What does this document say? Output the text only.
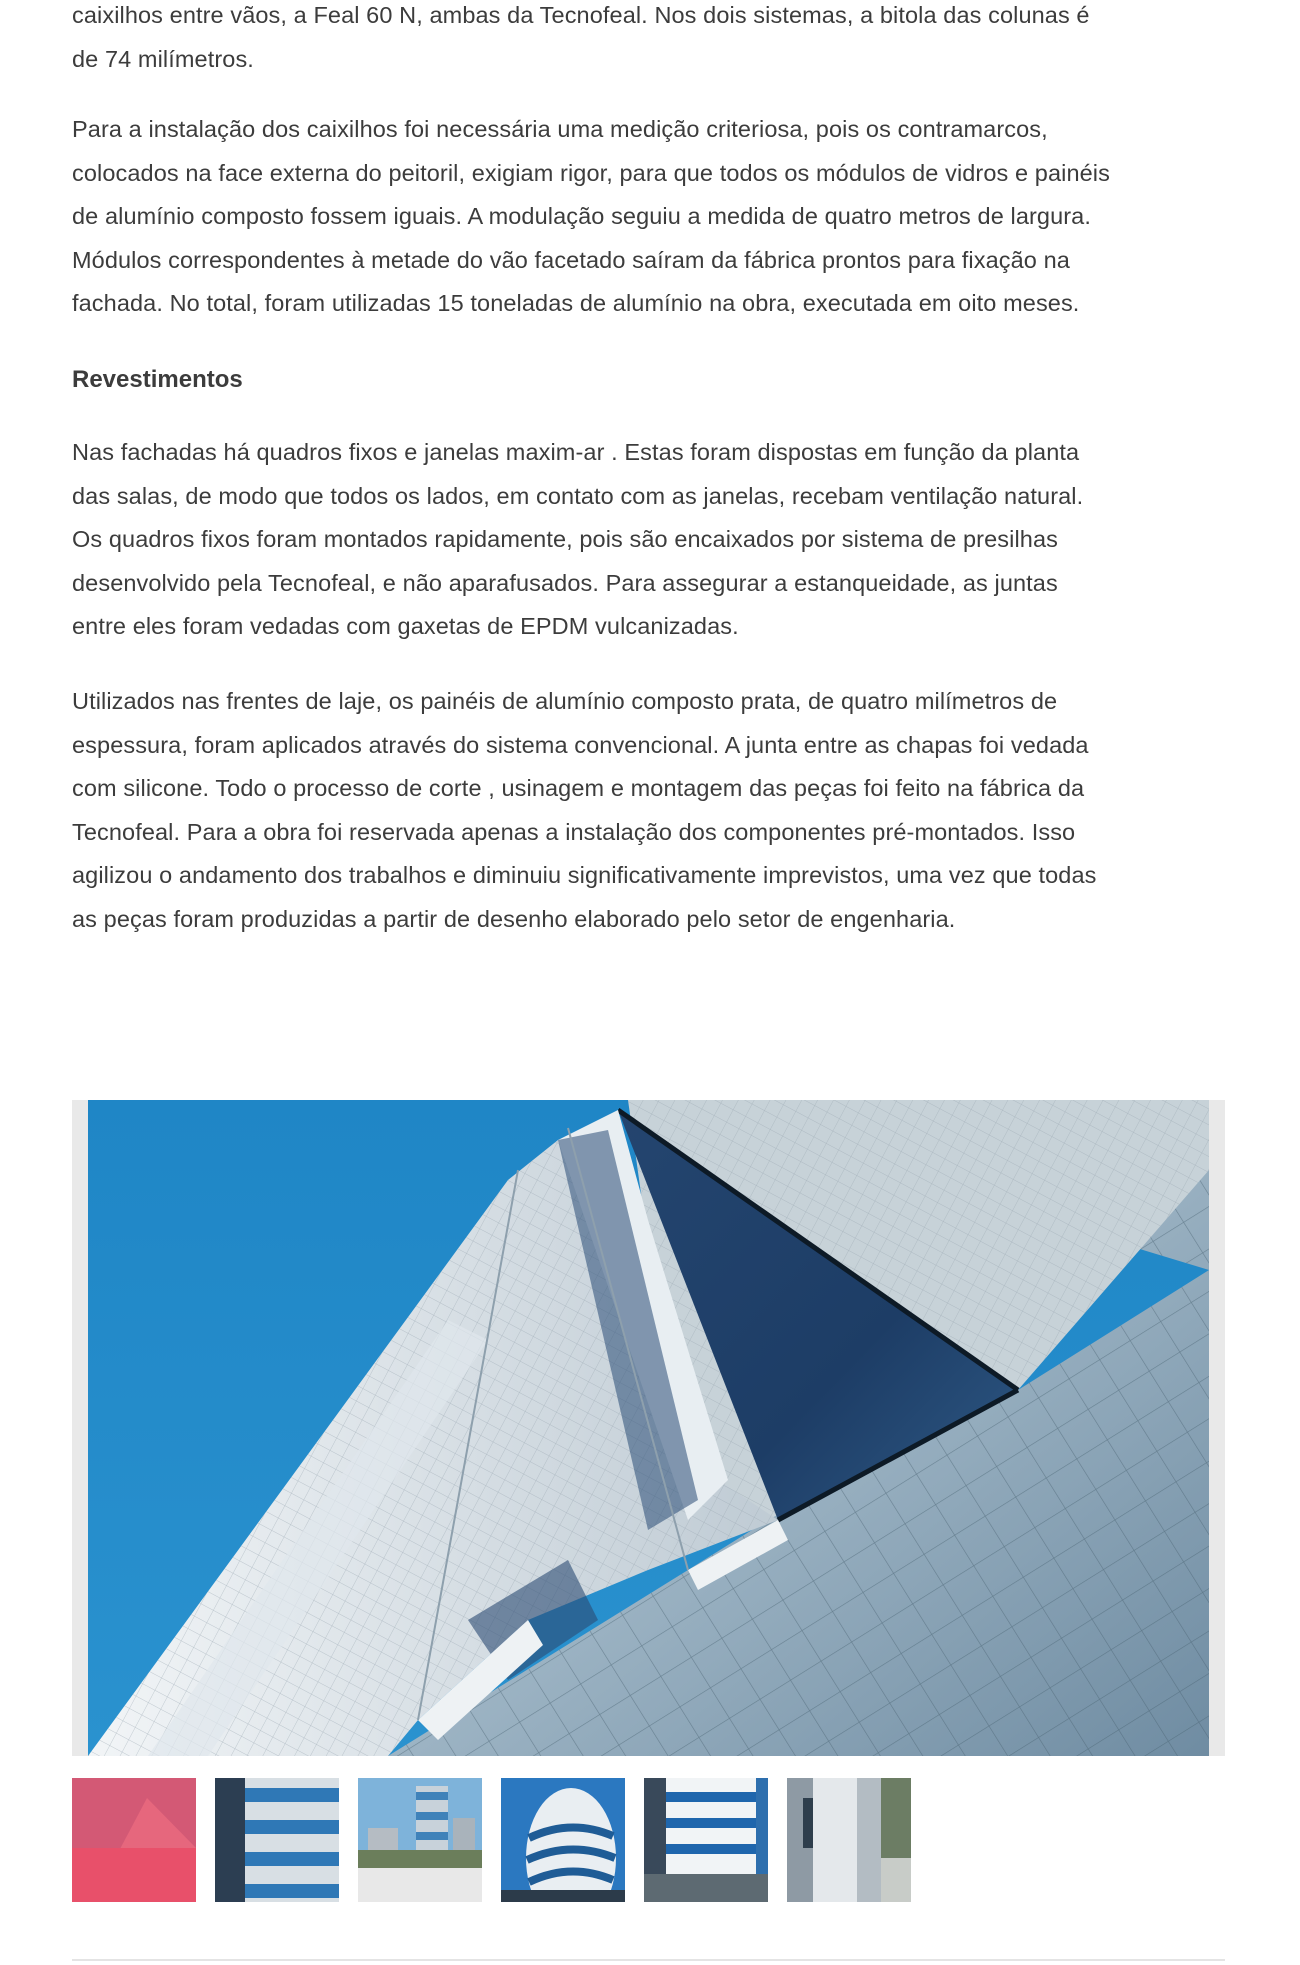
caixilhos entre vãos, a Feal 60 N, ambas da Tecnofeal. Nos dois sistemas, a bitola das colunas é
de 74 milímetros.

Para a instalação dos caixilhos foi necessária uma medição criteriosa, pois os contramarcos,
colocados na face externa do peitoril, exigiam rigor, para que todos os módulos de vidros e painéis
de alumínio composto fossem iguais. A modulação seguiu a medida de quatro metros de largura.
Módulos correspondentes à metade do vão facetado saíram da fábrica prontos para fixação na
fachada. No total, foram utilizadas 15 toneladas de alumínio na obra, executada em oito meses.

Revestimentos

Nas fachadas há quadros fixos e janelas maxim-ar . Estas foram dispostas em função da planta
das salas, de modo que todos os lados, em contato com as janelas, recebam ventilação natural.
Os quadros fixos foram montados rapidamente, pois são encaixados por sistema de presilhas
desenvolvido pela Tecnofeal, e não aparafusados. Para assegurar a estanqueidade, as juntas
entre eles foram vedadas com gaxetas de EPDM vulcanizadas.

Utilizados nas frentes de laje, os painéis de alumínio composto prata, de quatro milímetros de
espessura, foram aplicados através do sistema convencional. A junta entre as chapas foi vedada
com silicone. Todo o processo de corte , usinagem e montagem das peças foi feito na fábrica da
Tecnofeal. Para a obra foi reservada apenas a instalação dos componentes pré-montados. Isso
agilizou o andamento dos trabalhos e diminuiu significativamente imprevistos, uma vez que todas
as peças foram produzidas a partir de desenho elaborado pelo setor de engenharia.
